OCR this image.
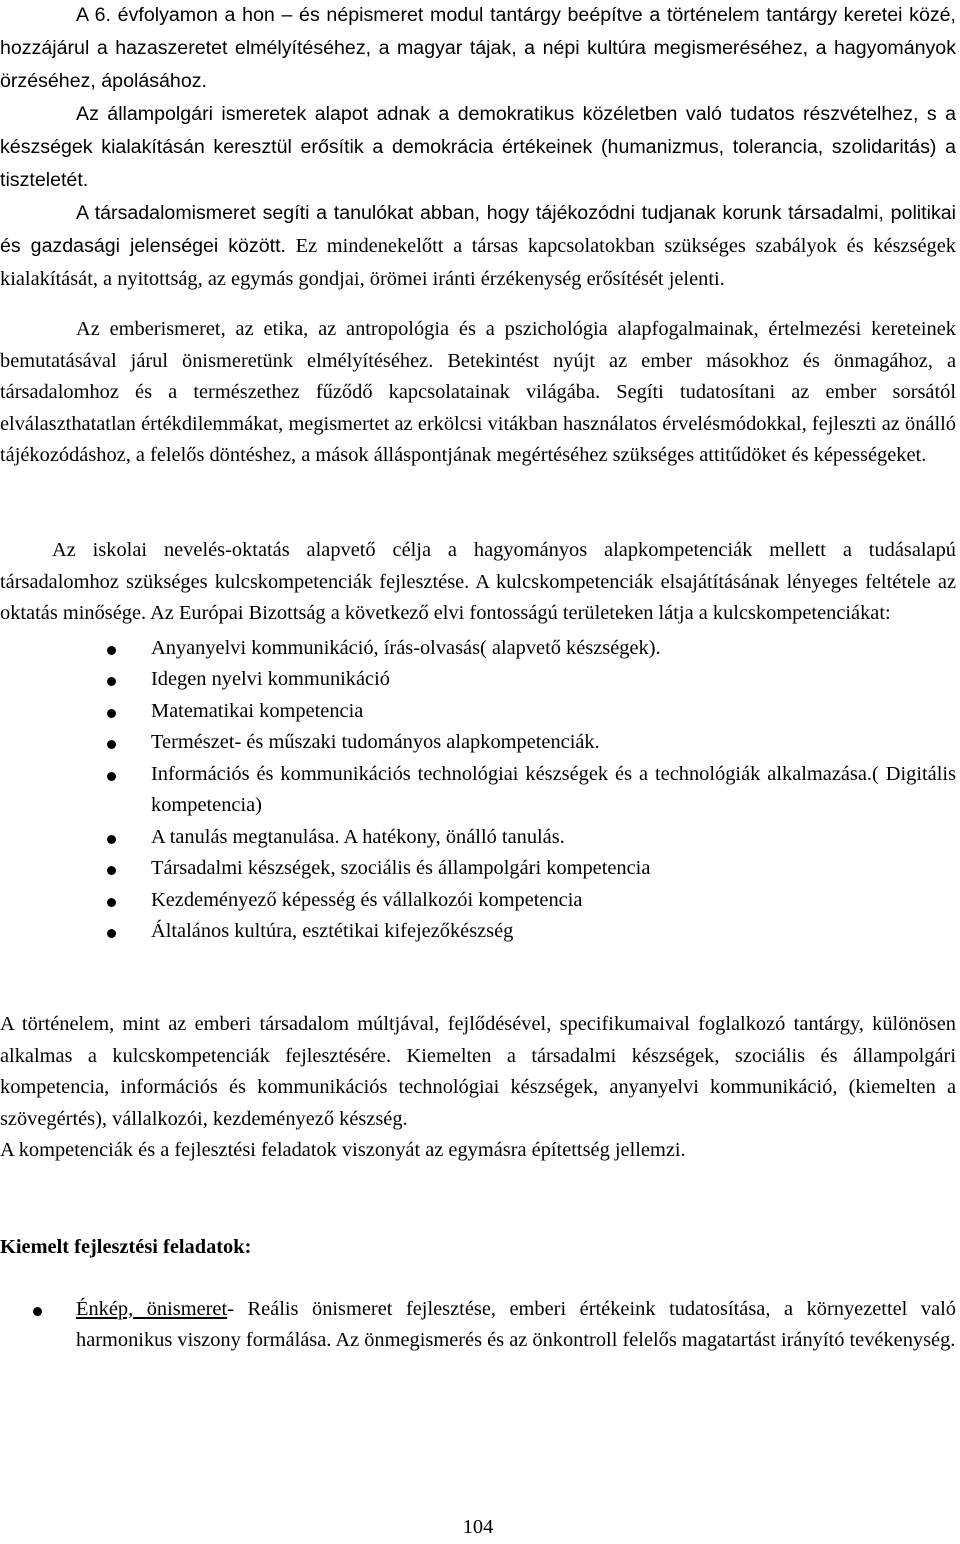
A 6. évfolyamon a hon – és népismeret modul tantárgy beépítve a történelem tantárgy keretei közé, hozzájárul a hazaszeretet elmélyítéséhez, a magyar tájak, a népi kultúra megismeréséhez, a hagyományok örzéséhez, ápolásához.

Az állampolgári ismeretek alapot adnak a demokratikus közéletben való tudatos részvételhez, s a készségek kialakításán keresztül erősítik a demokrácia értékeinek (humanizmus, tolerancia, szolidaritás) a tiszteletét.

A társadalomismeret segíti a tanulókat abban, hogy tájékozódni tudjanak korunk társadalmi, politikai és gazdasági jelenségei között. Ez mindenekelőtt a társas kapcsolatokban szükséges szabályok és készségek kialakítását, a nyitottság, az egymás gondjai, örömei iránti érzékenység erősítését jelenti.

Az emberismeret, az etika, az antropológia és a pszichológia alapfogalmainak, értelmezési kereteinek bemutatásával járul önismeretünk elmélyítéséhez. Betekintést nyújt az ember másokhoz és önmagához, a társadalomhoz és a természethez fűződő kapcsolatainak világába. Segíti tudatosítani az ember sorsától elválaszthatatlan értékdilemmákat, megismertet az erkölcsi vitákban használatos érvelésmódokkal, fejleszti az önálló tájékozódáshoz, a felelős döntéshez, a mások álláspontjának megértéséhez szükséges attitűdöket és képességeket.

Az iskolai nevelés-oktatás alapvető célja a hagyományos alapkompetenciák mellett a tudásalapú társadalomhoz szükséges kulcskompetenciák fejlesztése. A kulcskompetenciák elsajátításának lényeges feltétele az oktatás minősége. Az Európai Bizottság a következő elvi fontosságú területeken látja a kulcskompetenciákat:

Anyanyelvi kommunikáció, írás-olvasás( alapvető készségek).
Idegen nyelvi kommunikáció
Matematikai kompetencia
Természet- és műszaki tudományos alapkompetenciák.
Információs és kommunikációs technológiai készségek és a technológiák alkalmazása.( Digitális kompetencia)
A tanulás megtanulása. A hatékony, önálló tanulás.
Társadalmi készségek, szociális és állampolgári kompetencia
Kezdeményező képesség és vállalkozói kompetencia
Általános kultúra, esztétikai kifejezőkészség

A történelem, mint az emberi társadalom múltjával, fejlődésével, specifikumaival foglalkozó tantárgy, különösen alkalmas a kulcskompetenciák fejlesztésére. Kiemelten a társadalmi készségek, szociális és állampolgári kompetencia, információs és kommunikációs technológiai készségek, anyanyelvi kommunikáció, (kiemelten a szövegértés), vállalkozói, kezdeményező készség.

A kompetenciák és a fejlesztési feladatok viszonyát az egymásra építettség jellemzi.

Kiemelt fejlesztési feladatok:

Énkép, önismeret- Reális önismeret fejlesztése, emberi értékeink tudatosítása, a környezettel való harmonikus viszony formálása. Az önmegismerés és az önkontroll felelős magatartást irányító tevékenység.
104
